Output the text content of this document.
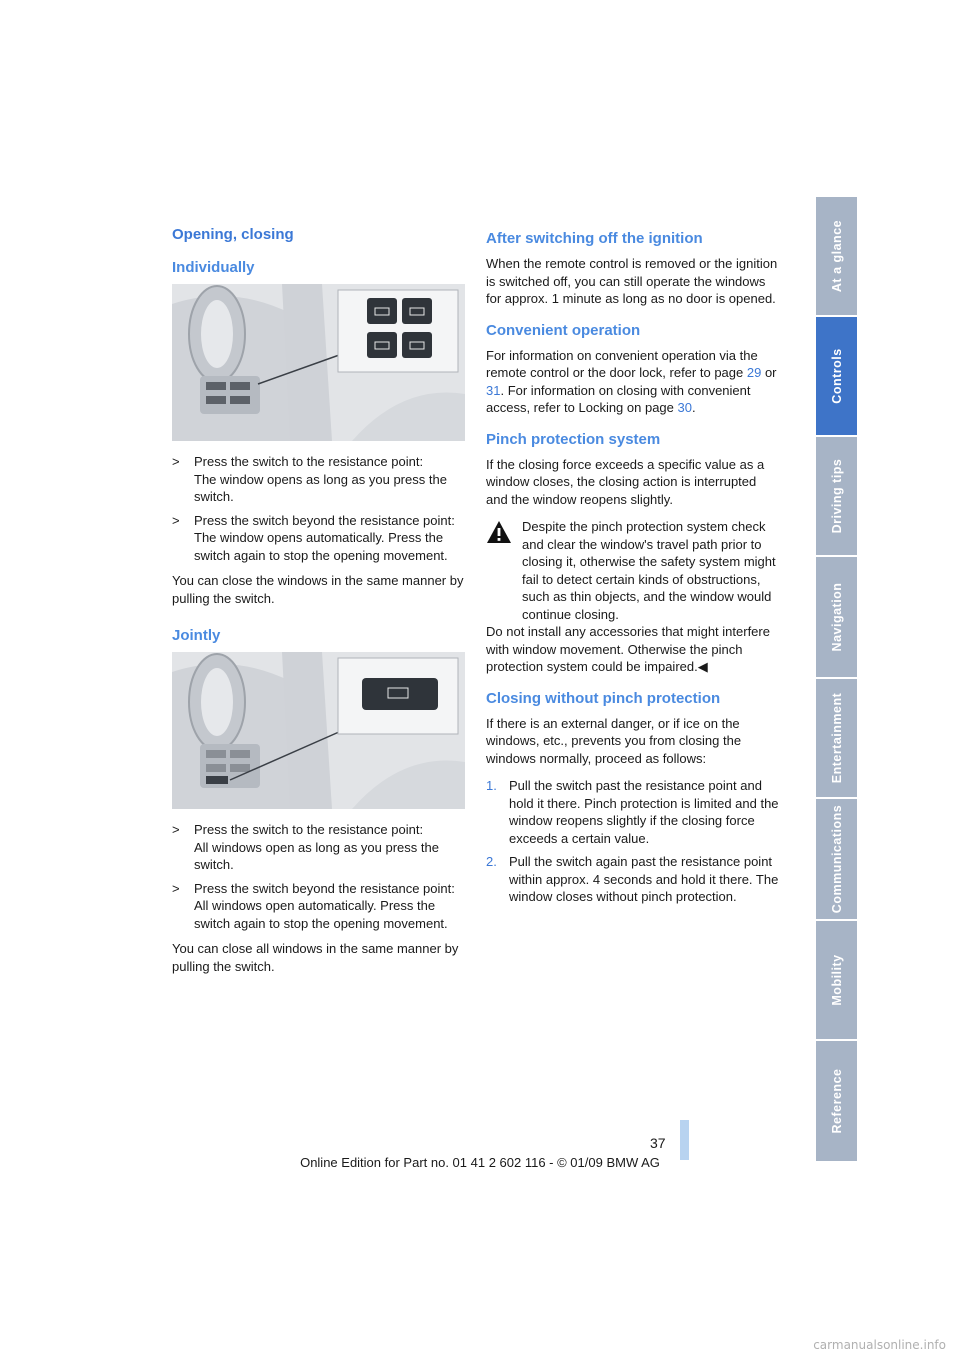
Opening, closing
Individually
> Press the switch to the resistance point:
The window opens as long as you press the switch.
> Press the switch beyond the resistance point:
The window opens automatically. Press the switch again to stop the opening movement.

You can close the windows in the same manner by pulling the switch.

Jointly
> Press the switch to the resistance point:
All windows open as long as you press the switch.
> Press the switch beyond the resistance point:
All windows open automatically. Press the switch again to stop the opening movement.

You can close all windows in the same manner by pulling the switch.

After switching off the ignition

When the remote control is removed or the ignition is switched off, you can still operate the windows for approx. 1 minute as long as no door is opened.

Convenient operation

For information on convenient operation via the remote control or the door lock, refer to page 29 or 31. For information on closing with convenient access, refer to Locking on page 30.

Pinch protection system

If the closing force exceeds a specific value as a window closes, the closing action is interrupted and the window reopens slightly.

Despite the pinch protection system check and clear the window's travel path prior to closing it, otherwise the safety system might fail to detect certain kinds of obstructions, such as thin objects, and the window would continue closing.

Do not install any accessories that might interfere with window movement. Otherwise the pinch protection system could be impaired.◀

Closing without pinch protection

If there is an external danger, or if ice on the windows, etc., prevents you from closing the windows normally, proceed as follows:

1. Pull the switch past the resistance point and hold it there. Pinch protection is limited and the window reopens slightly if the closing force exceeds a certain value.
2. Pull the switch again past the resistance point within approx. 4 seconds and hold it there. The window closes without pinch protection.
At a glance
Controls
Driving tips
Navigation
Entertainment
Communications
Mobility
Reference
37
Online Edition for Part no. 01 41 2 602 116 - © 01/09 BMW AG
carmanualsonline.info
